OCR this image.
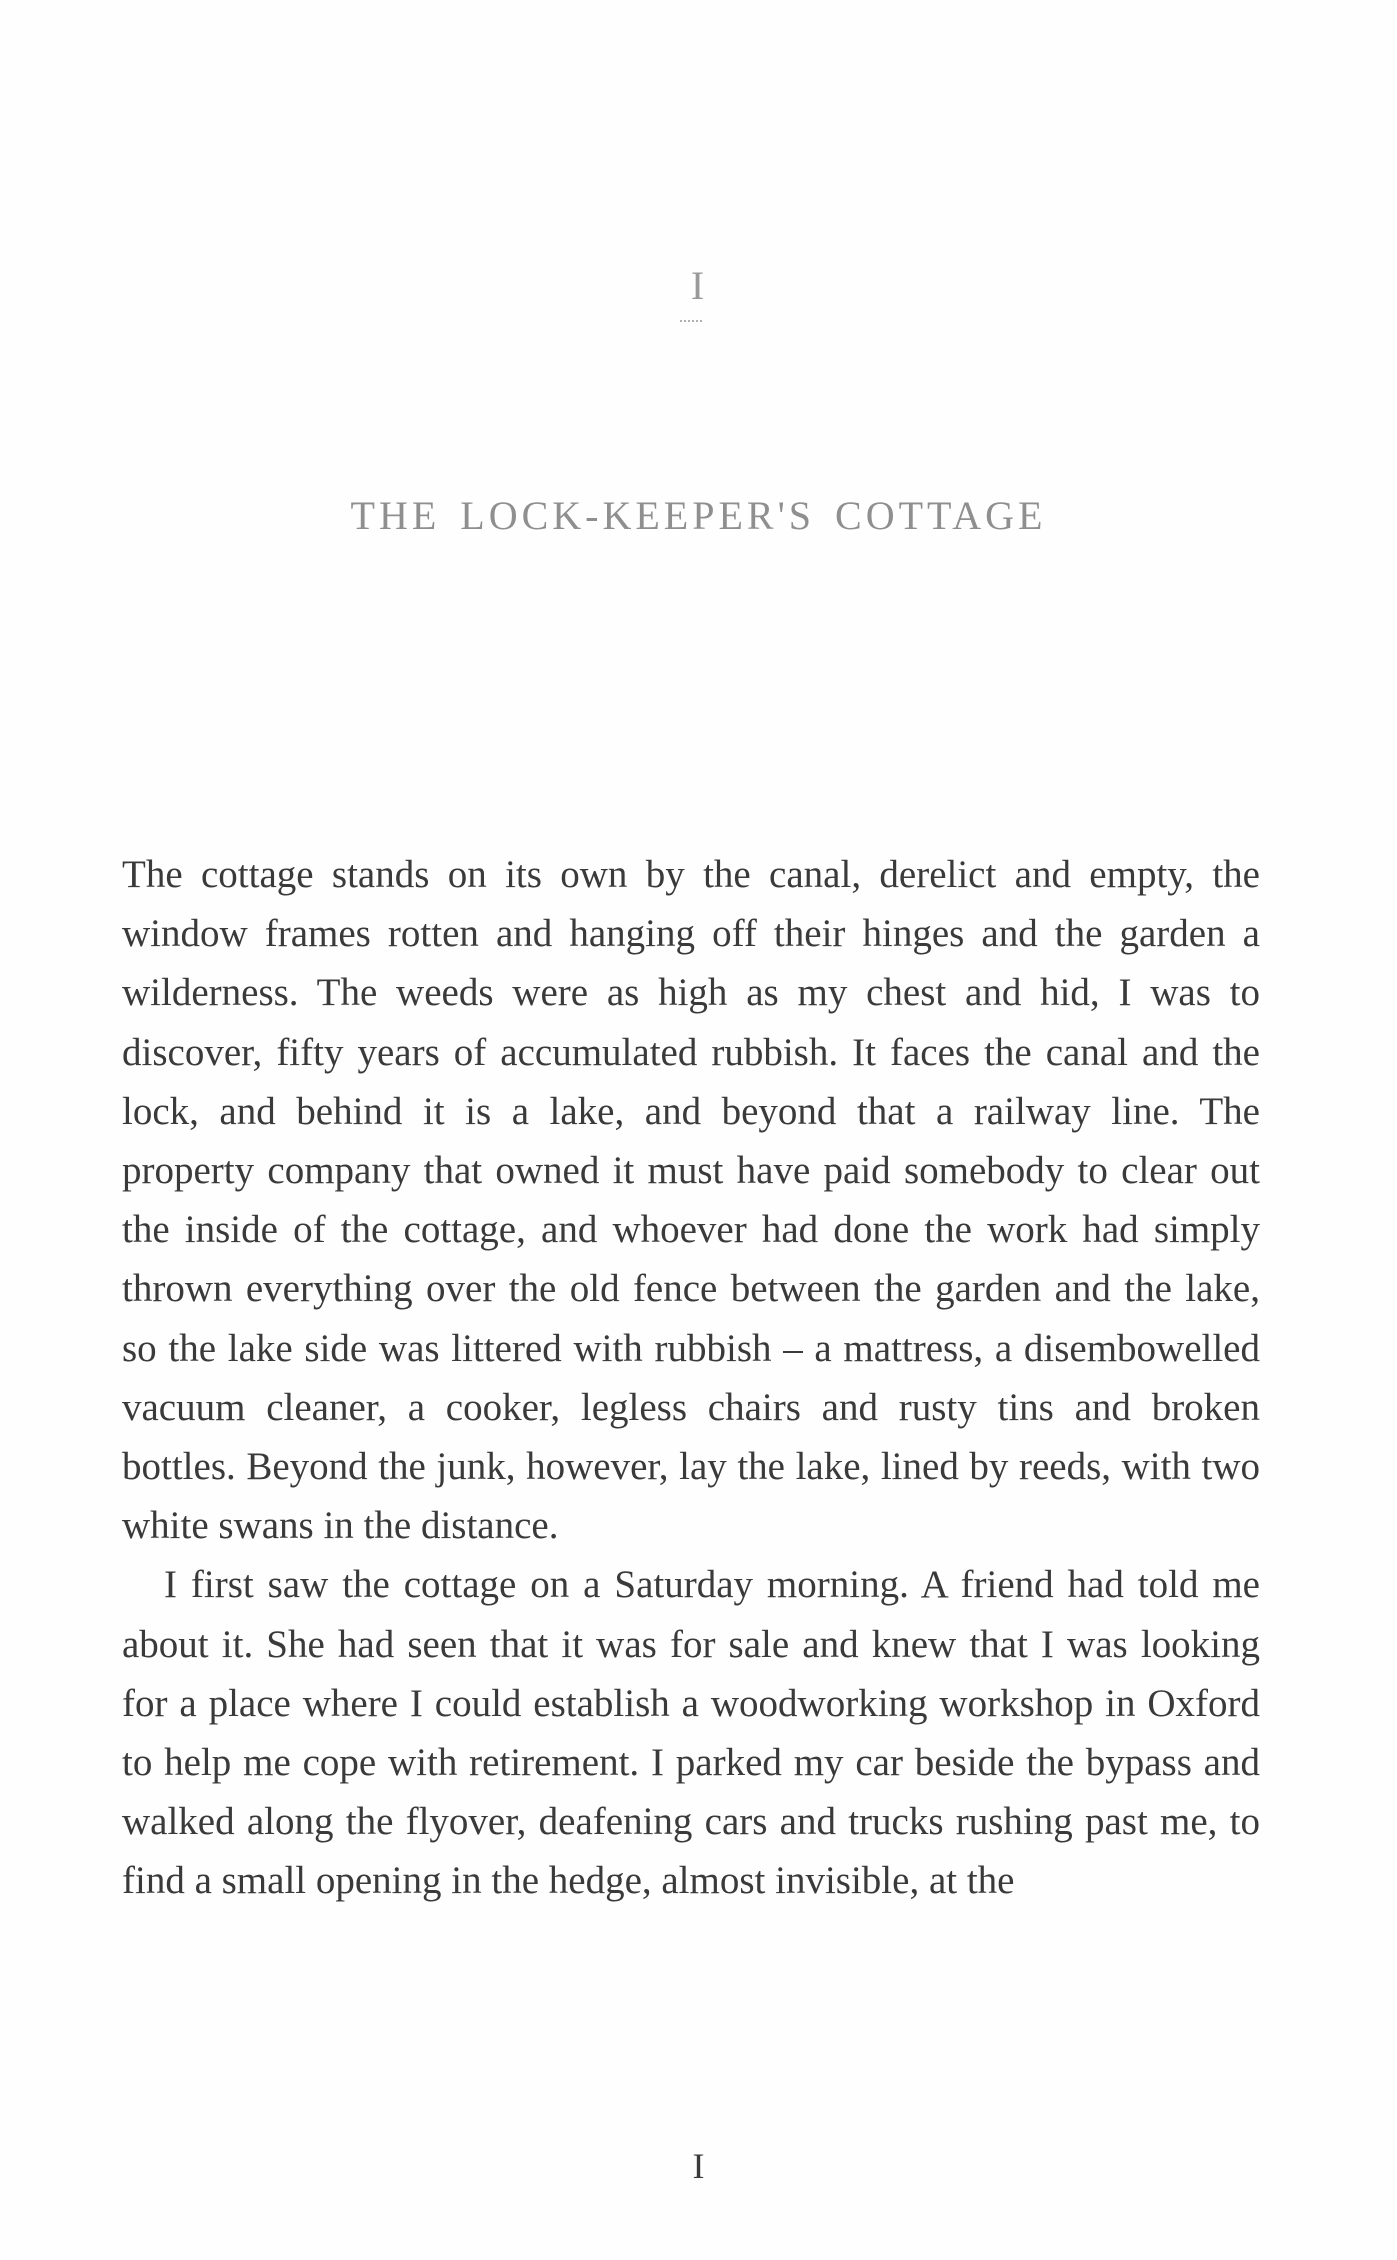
I
THE LOCK-KEEPER'S COTTAGE

The cottage stands on its own by the canal, derelict and empty, the window frames rotten and hanging off their hinges and the garden a wilderness. The weeds were as high as my chest and hid, I was to discover, fifty years of accumulated rubbish. It faces the canal and the lock, and behind it is a lake, and beyond that a railway line. The property company that owned it must have paid somebody to clear out the inside of the cottage, and whoever had done the work had simply thrown everything over the old fence between the garden and the lake, so the lake side was littered with rubbish – a mattress, a disembowelled vacuum cleaner, a cooker, legless chairs and rusty tins and broken bottles. Beyond the junk, however, lay the lake, lined by reeds, with two white swans in the distance.

I first saw the cottage on a Saturday morning. A friend had told me about it. She had seen that it was for sale and knew that I was looking for a place where I could establish a woodworking workshop in Oxford to help me cope with retirement. I parked my car beside the bypass and walked along the flyover, deafening cars and trucks rushing past me, to find a small opening in the hedge, almost invisible, at the

I
